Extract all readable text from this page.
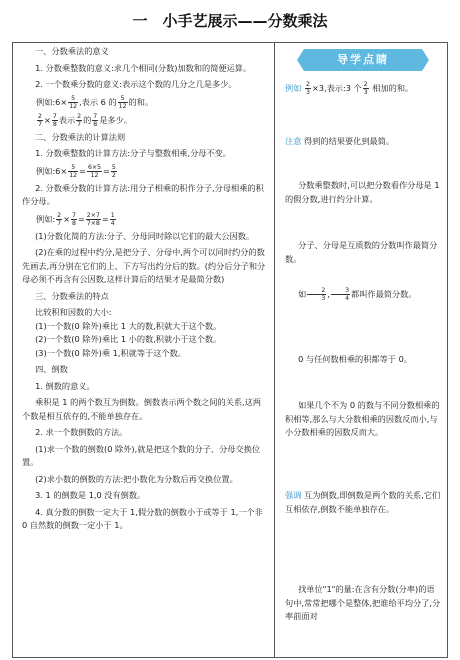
一　小手艺展示——分数乘法

一、分数乘法的意义

1. 分数乘整数的意义:求几个相同(分数)加数和的简便运算。

2. 一个数乘分数的意义:表示这个数的几分之几是多少。

例如:6× $\frac{5}{12}$ ,表示 6 的 $\frac{5}{12}$ 的和。

$\frac{2}{7} \times \frac{7}{8}$ 表示 $\frac{2}{7}$ 的 $\frac{7}{8}$ 是多少。

二、分数乘法的计算法则

1. 分数乘整数的计算方法:分子与整数相乘,分母不变。

例如:6× $\frac{5}{12} = \frac{6\times 5}{12} = \frac{5}{2}$

2. 分数乘分数的计算方法:用分子相乘的积作分子,分母相乘的积作分母。

例如: $\frac{2}{7} \times \frac{7}{8} = \frac{2\times 7}{7\times 8} = \frac{1}{4}$

(1)分数化简的方法:分子、分母同时除以它们的最大公因数。

(2)在乘的过程中约分,是把分子、分母中,两个可以同时约分的数先画去,再分别在它们的上、下方写出约分后的数。(约分后分子和分母必须不再含有公因数,这样计算后的结果才是最简分数)

三、分数乘法的特点

比较积和因数的大小:

(1)一个数(0 除外)乘比 1 大的数,积就大于这个数。

(2)一个数(0 除外)乘比 1 小的数,积就小于这个数。

(3)一个数(0 除外)乘 1,积就等于这个数。

四、倒数

1. 倒数的意义。

乘积是 1 的两个数互为倒数。倒数表示两个数之间的关系,这两个数是相互依存的,不能单独存在。

2. 求一个数倒数的方法。

(1)求一个数的倒数(0 除外),就是把这个数的分子、分母交换位置。

(2)求小数的倒数的方法:把小数化为分数后再交换位置。

3. 1 的倒数是 1,0 没有倒数。

4. 真分数的倒数一定大于 1,假分数的倒数小于或等于 1,一个非 0 自然数的倒数一定小于 1。

导学点睛
例如 $\frac{2}{3} \times 3$,表示:3 个 $\frac{2}{3}$ 相加的和。
注意 得到的结果要化到最简。
分数乘整数时,可以把分数看作分母是 1 的假分数,进行约分计算。
分子、分母是互质数的分数叫作最简分数。
如 $\frac{2}{3}$ , $\frac{3}{4}$ 都叫作最简分数。
0 与任何数相乘的积都等于 0。
如果几个不为 0 的数与不同分数相乘的积相等,那么与大分数相乘的因数反而小,与小分数相乘的因数反而大。
强调 互为倒数,即倒数是两个数的关系,它们互相依存,倒数不能单独存在。
找单位"1"的量:在含有分数(分率)的语句中,常常把哪个是整体,把谁给平均分了,分率前面对
